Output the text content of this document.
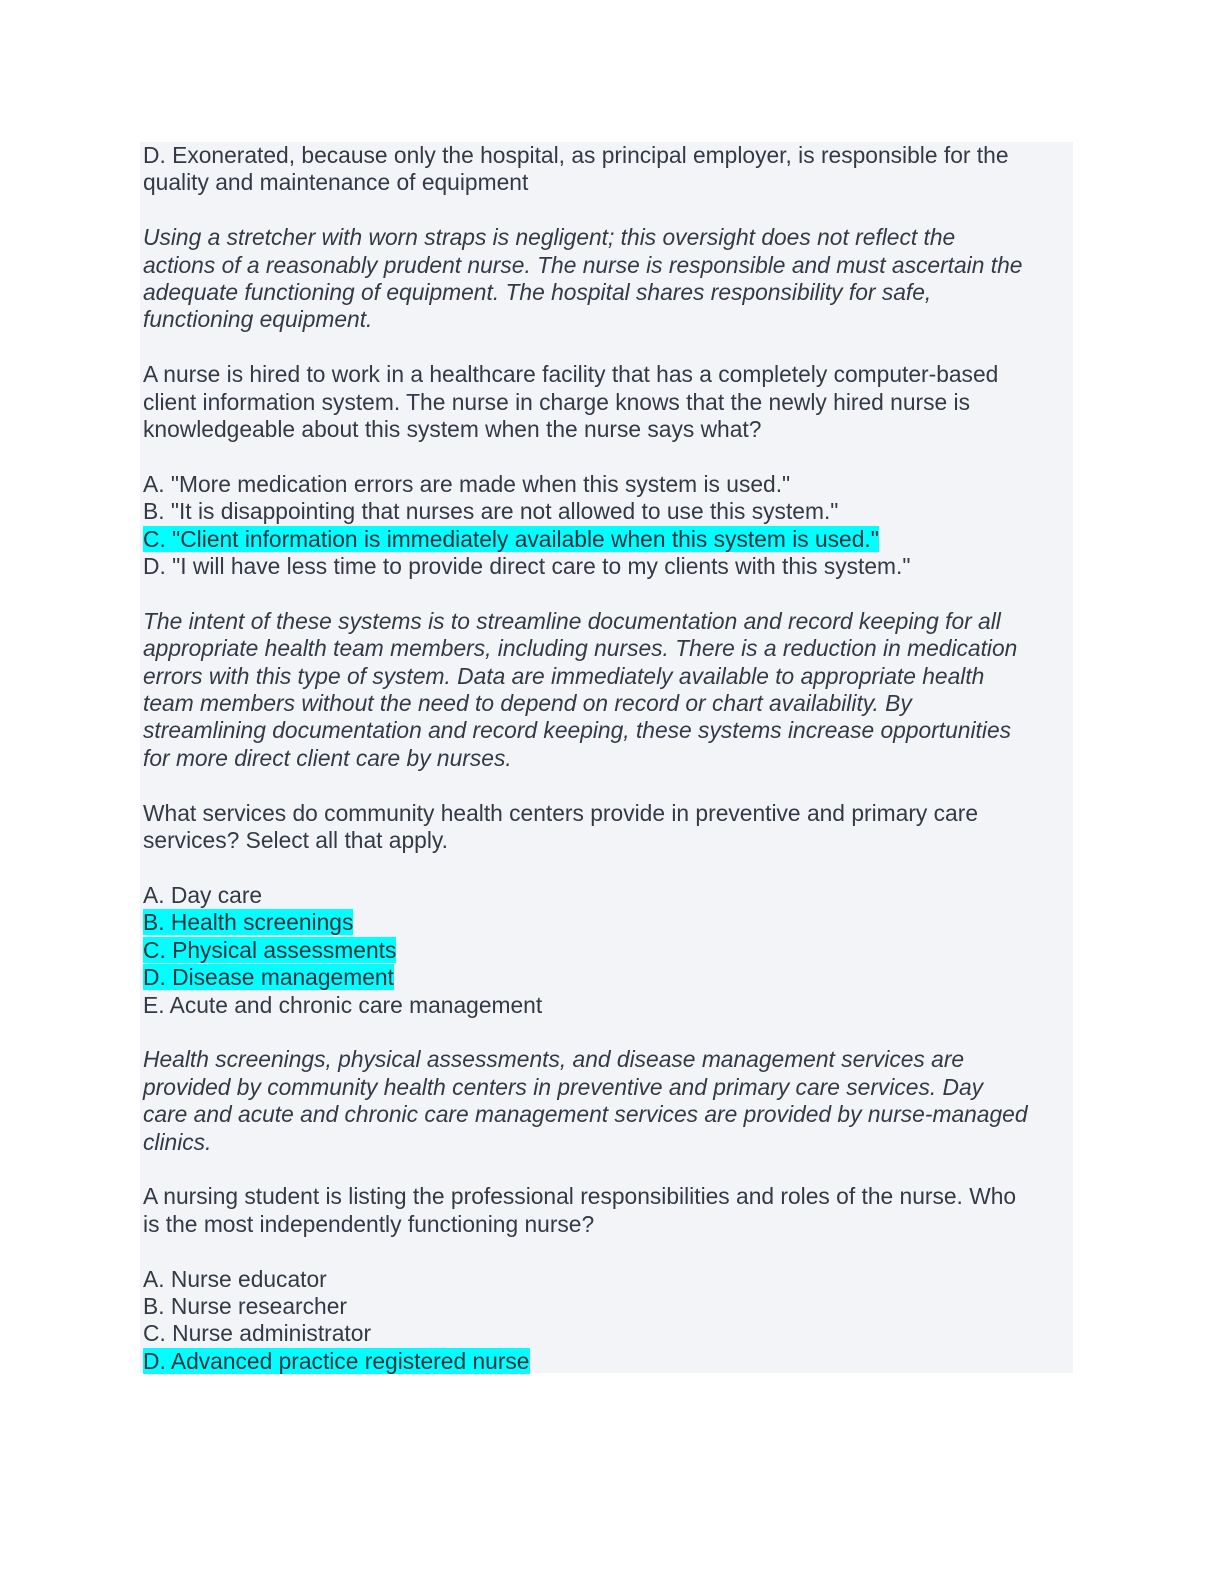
D. Exonerated, because only the hospital, as principal employer, is responsible for the
quality and maintenance of equipment
Using a stretcher with worn straps is negligent; this oversight does not reflect the
actions of a reasonably prudent nurse. The nurse is responsible and must ascertain the
adequate functioning of equipment. The hospital shares responsibility for safe,
functioning equipment.
A nurse is hired to work in a healthcare facility that has a completely computer-based
client information system. The nurse in charge knows that the newly hired nurse is
knowledgeable about this system when the nurse says what?
A. "More medication errors are made when this system is used."
B. "It is disappointing that nurses are not allowed to use this system."
C. "Client information is immediately available when this system is used."
D. "I will have less time to provide direct care to my clients with this system."
The intent of these systems is to streamline documentation and record keeping for all
appropriate health team members, including nurses. There is a reduction in medication
errors with this type of system. Data are immediately available to appropriate health
team members without the need to depend on record or chart availability. By
streamlining documentation and record keeping, these systems increase opportunities
for more direct client care by nurses.
What services do community health centers provide in preventive and primary care
services? Select all that apply.
A. Day care
B. Health screenings
C. Physical assessments
D. Disease management
E. Acute and chronic care management
Health screenings, physical assessments, and disease management services are
provided by community health centers in preventive and primary care services. Day
care and acute and chronic care management services are provided by nurse-managed
clinics.
A nursing student is listing the professional responsibilities and roles of the nurse. Who
is the most independently functioning nurse?
A. Nurse educator
B. Nurse researcher
C. Nurse administrator
D. Advanced practice registered nurse
